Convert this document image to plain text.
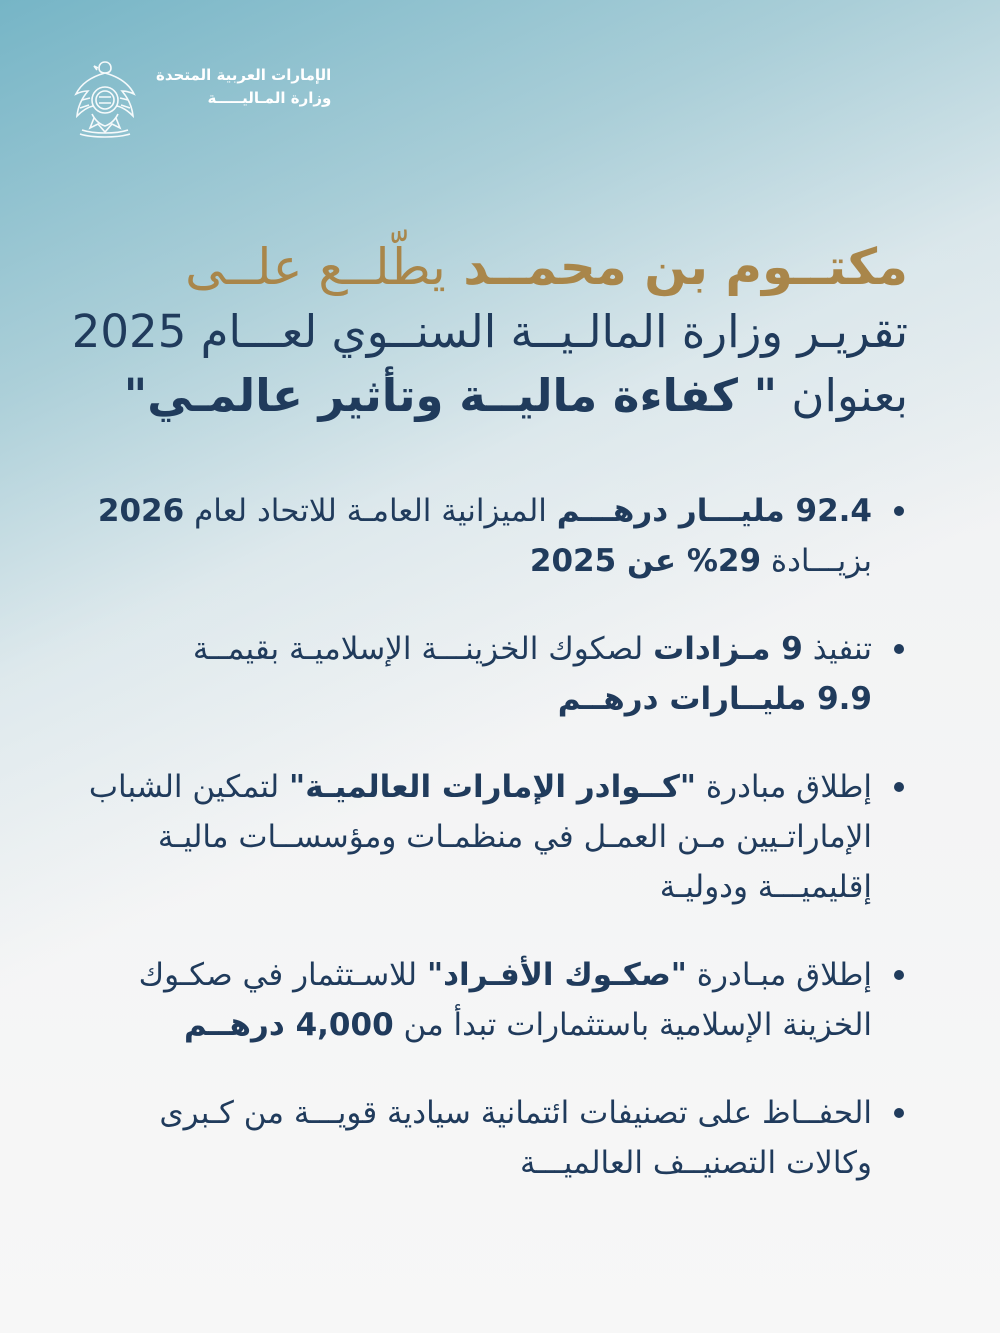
الإمارات العربية المتحدة
وزارة المـاليـــــة
مكتــوم بن محمــد يطّلــع علــى
تقريـر وزارة المالـيــة السنــوي لعـــام 2025
بعنوان " كفاءة ماليــة وتأثير عالمـي"
92.4 مليـــار درهـــم الميزانية العامـة للاتحاد لعام 2026
بزيـــادة 29% عن 2025
تنفيذ 9 مـزادات لصكوك الخزينـــة الإسلاميـة بقيمــة
9.9 مليــارات درهــم
إطلاق مبادرة "كــوادر الإمارات العالميـة" لتمكين الشباب
الإماراتـيين مـن العمـل في منظمـات ومؤسســات ماليـة
إقليميـــة ودوليـة
إطلاق مبـادرة "صكـوك الأفـراد" للاسـتثمار في صكـوك
الخزينة الإسلامية باستثمارات تبدأ من 4,000 درهــم
الحفــاظ على تصنيفات ائتمانية سيادية قويـــة من كـبرى
وكالات التصنيــف العالميـــة
